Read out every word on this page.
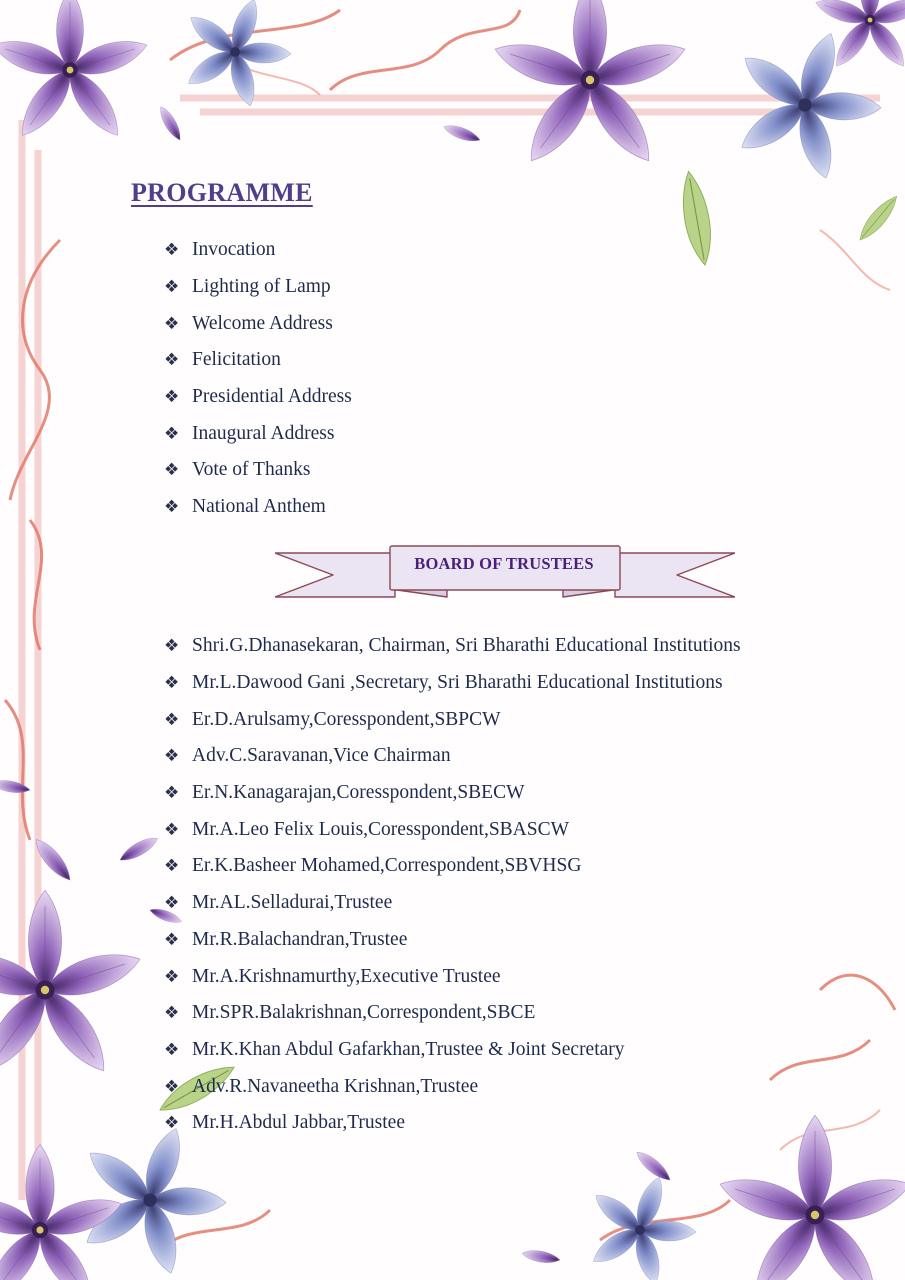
PROGRAMME
❖ Invocation
❖ Lighting of Lamp
❖ Welcome Address
❖ Felicitation
❖ Presidential Address
❖ Inaugural Address
❖ Vote of Thanks
❖ National Anthem
BOARD OF TRUSTEES
❖ Shri.G.Dhanasekaran, Chairman, Sri Bharathi Educational Institutions
❖ Mr.L.Dawood Gani ,Secretary, Sri Bharathi Educational Institutions
❖ Er.D.Arulsamy,Coresspondent,SBPCW
❖ Adv.C.Saravanan,Vice Chairman
❖ Er.N.Kanagarajan,Coresspondent,SBECW
❖ Mr.A.Leo Felix Louis,Coresspondent,SBASCW
❖ Er.K.Basheer Mohamed,Correspondent,SBVHSG
❖ Mr.AL.Selladurai,Trustee
❖ Mr.R.Balachandran,Trustee
❖ Mr.A.Krishnamurthy,Executive Trustee
❖ Mr.SPR.Balakrishnan,Correspondent,SBCE
❖ Mr.K.Khan Abdul Gafarkhan,Trustee & Joint Secretary
❖ Adv.R.Navaneetha Krishnan,Trustee
❖ Mr.H.Abdul Jabbar,Trustee
